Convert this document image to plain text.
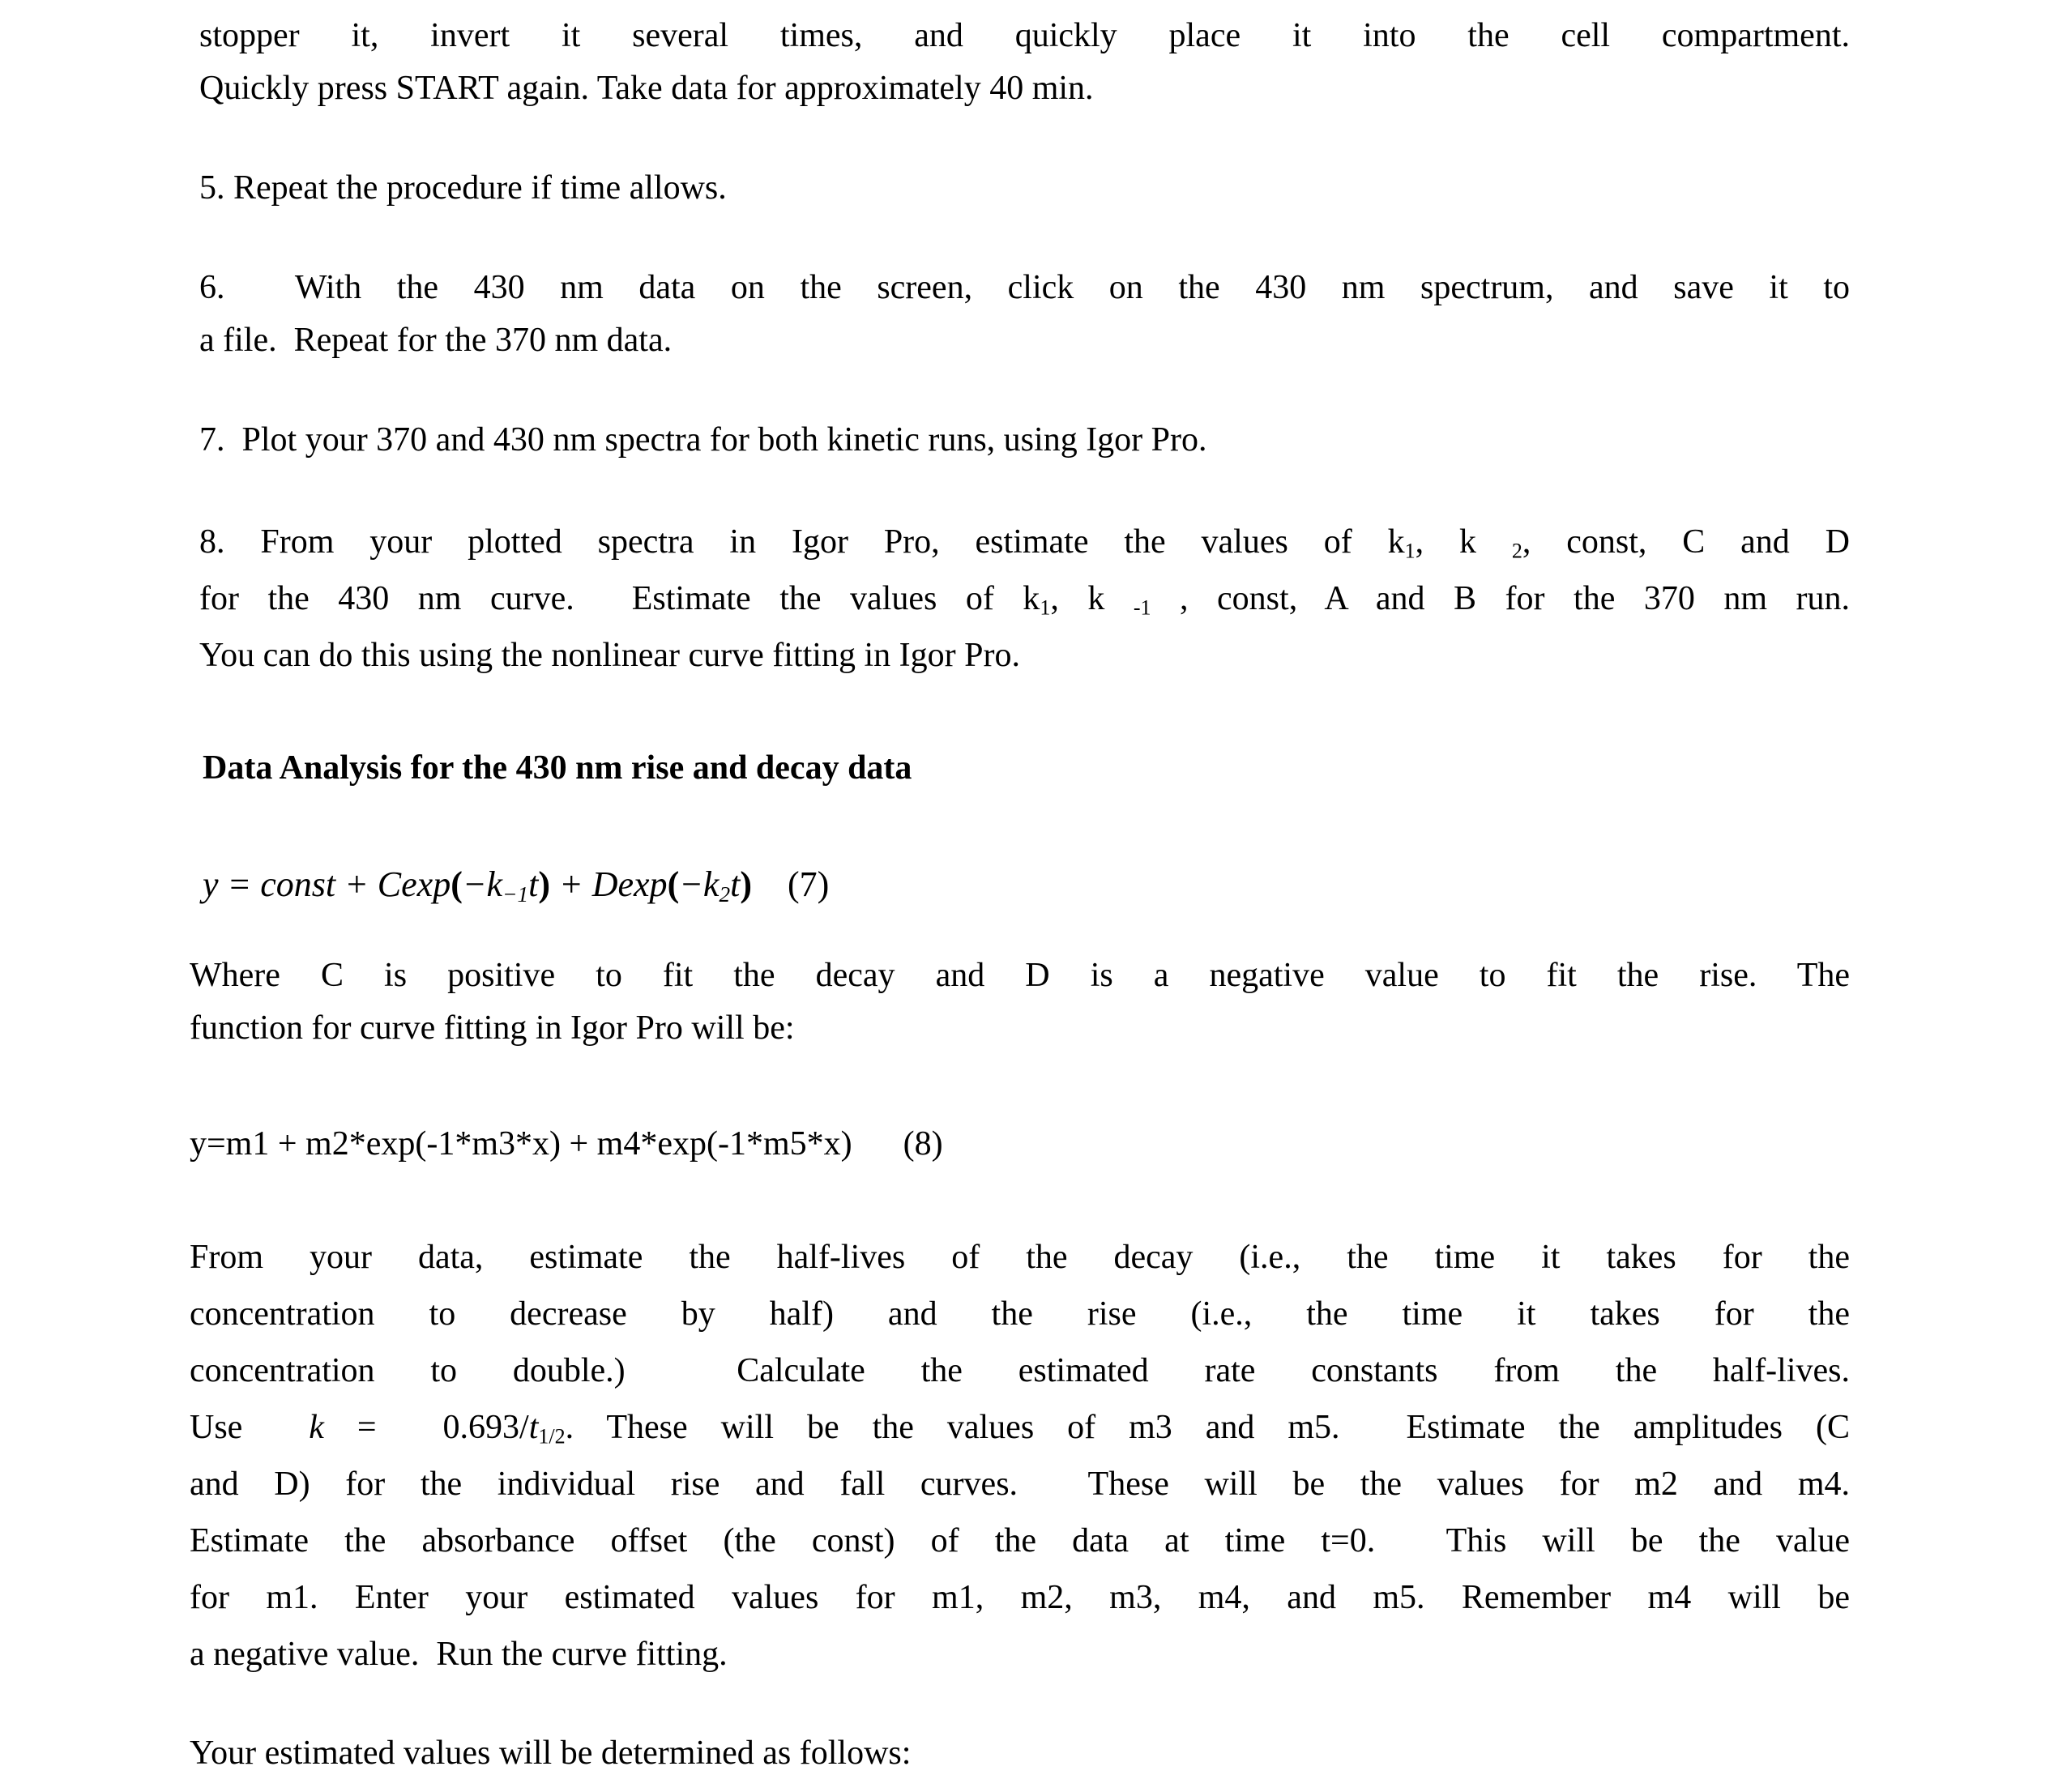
stopper it, invert it several times, and quickly place it into the cell compartment.
Quickly press START again. Take data for approximately 40 min.
5. Repeat the procedure if time allows.
6.  With the 430 nm data on the screen, click on the 430 nm spectrum, and save it to
a file.  Repeat for the 370 nm data.
7.  Plot your 370 and 430 nm spectra for both kinetic runs, using Igor Pro.
8. From your plotted spectra in Igor Pro, estimate the values of k1, k 2, const, C and D
for the 430 nm curve.  Estimate the values of k1, k -1 , const, A and B for the 370 nm run.
You can do this using the nonlinear curve fitting in Igor Pro.
Data Analysis for the 430 nm rise and decay data
y = const + Cexp(−k−1t) + Dexp(−k2t)    (7)
Where C is positive to fit the decay and D is a negative value to fit the rise. The
function for curve fitting in Igor Pro will be:
y=m1 + m2*exp(-1*m3*x) + m4*exp(-1*m5*x)      (8)
From your data, estimate the half-lives of the decay (i.e., the time it takes for the
concentration to decrease by half) and the rise (i.e., the time it takes for the
concentration to double.)  Calculate the estimated rate constants from the half-lives.
Use  k =  0.693/t1/2. These will be the values of m3 and m5.  Estimate the amplitudes (C
and D) for the individual rise and fall curves.  These will be the values for m2 and m4.
Estimate the absorbance offset (the const) of the data at time t=0.  This will be the value
for m1. Enter your estimated values for m1, m2, m3, m4, and m5. Remember m4 will be
a negative value.  Run the curve fitting.
Your estimated values will be determined as follows:
